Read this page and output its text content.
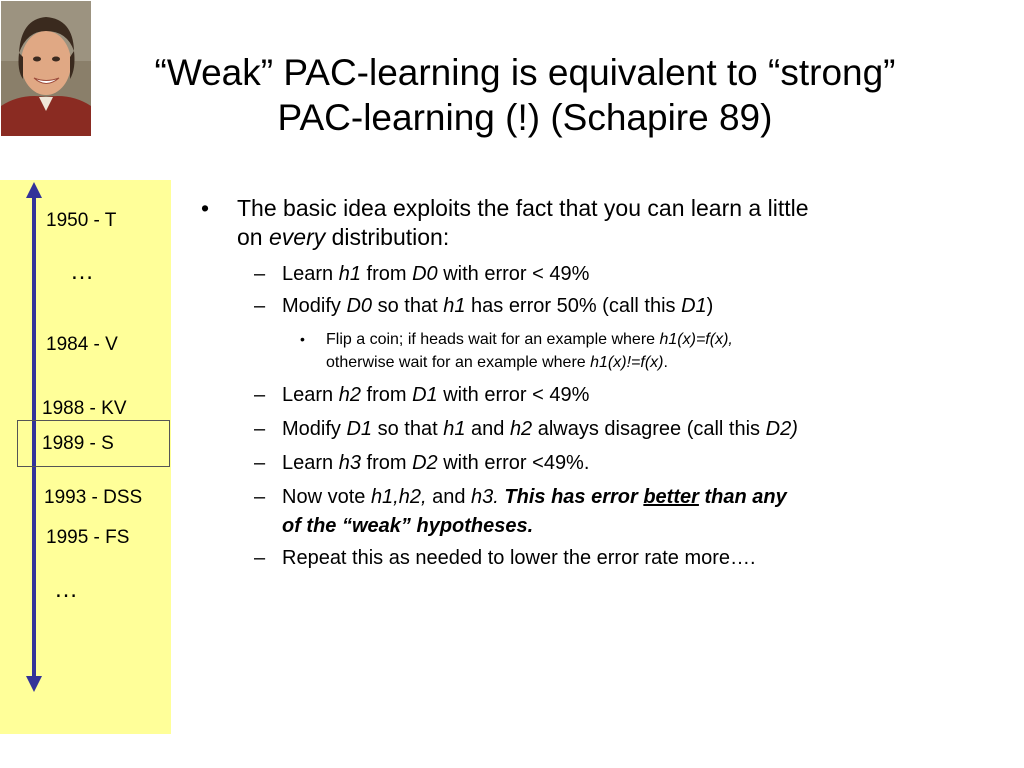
“Weak” PAC-learning is equivalent to “strong”
PAC-learning (!) (Schapire 89)
1950 - T
…
1984 - V
1988 - KV
1989 - S
1993 - DSS
1995 - FS
…
• The basic idea exploits the fact that you can learn a little
on every distribution:
– Learn h1 from D0 with error < 49%
– Modify D0 so that h1 has error 50% (call this D1)
• Flip a coin; if heads wait for an example where h1(x)=f(x),
otherwise wait for an example where h1(x)!=f(x).
– Learn h2 from D1 with error < 49%
– Modify D1 so that h1 and h2 always disagree (call this D2)
– Learn h3 from D2 with error <49%.
– Now vote h1,h2, and h3. This has error better than any
of the “weak” hypotheses.
– Repeat this as needed to lower the error rate more….
